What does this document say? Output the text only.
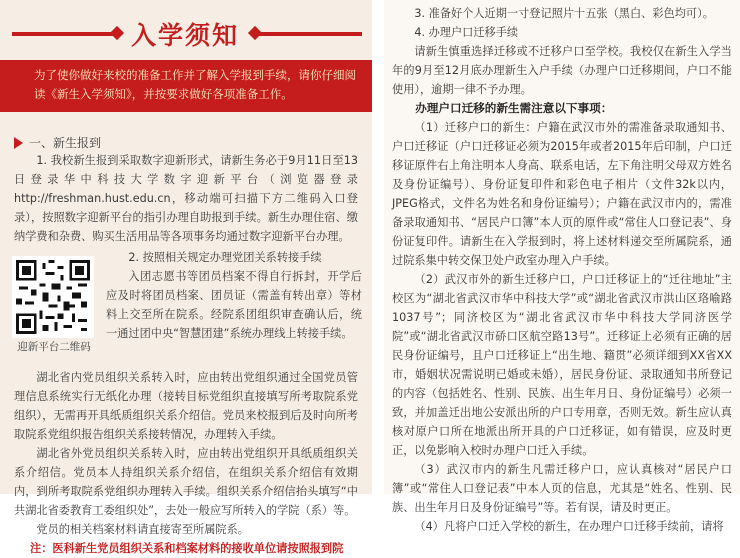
入学须知
为了使你做好来校的准备工作并了解入学报到手续，请你仔细阅读《新生入学须知》，并按要求做好各项准备工作。
一、新生报到

1. 我校新生报到采取数字迎新形式，请新生务必于9月11日至13日登录华中科技大学数字迎新平台（浏览器登录http://freshman.hust.edu.cn，移动端可扫描下方二维码入口登录），按照数字迎新平台的指引办理自助报到手续。新生办理住宿、缴纳学费和杂费、购买生活用品等各项事务均通过数字迎新平台办理。

迎新平台二维码

2. 按照相关规定办理党团关系转接手续

入团志愿书等团员档案不得自行拆封，开学后应及时将团员档案、团员证（需盖有转出章）等材料上交至所在院系。经院系团组织审查确认后，统一通过团中央“智慧团建”系统办理线上转接手续。

湖北省内党员组织关系转入时，应由转出党组织通过全国党员管理信息系统实行无纸化办理（接转目标党组织直接填写所考取院系党组织），无需再开具纸质组织关系介绍信。党员来校报到后及时向所考取院系党组织报告组织关系接转情况，办理转入手续。

湖北省外党员组织关系转入时，应由转出党组织开具纸质组织关系介绍信。党员本人持组织关系介绍信，在组织关系介绍信有效期内，到所考取院系党组织办理转入手续。组织关系介绍信抬头填写“中共湖北省委教育工委组织处”，去处一般应写所转入的学院（系）等。

党员的相关档案材料请直接寄至所属院系。

注：医科新生党员组织关系和档案材料的接收单位请按照报到院

3. 准备好个人近期一寸登记照片十五张（黑白、彩色均可）。

4. 办理户口迁移手续

请新生慎重选择迁移或不迁移户口至学校。我校仅在新生入学当年的9月至12月底办理新生入户手续（办理户口迁移期间，户口不能使用），逾期一律不予办理。

办理户口迁移的新生需注意以下事项：

（1）迁移户口的新生：户籍在武汉市外的需准备录取通知书、户口迁移证（户口迁移证必须为2015年或者2015年后印制，户口迁移证原件右上角注明本人身高、联系电话，左下角注明父母双方姓名及身份证编号）、身份证复印件和彩色电子相片（文件32k以内，JPEG格式，文件名为姓名和身份证编号）；户籍在武汉市内的，需准备录取通知书、“居民户口簿”本人页的原件或“常住人口登记表”、身份证复印件。请新生在入学报到时，将上述材料递交至所属院系，通过院系集中转交保卫处户政室办理入户手续。

（2）武汉市外的新生迁移户口，户口迁移证上的“迁往地址”主校区为“湖北省武汉市华中科技大学”或“湖北省武汉市洪山区珞喻路1037号”；同济校区为“湖北省武汉市华中科技大学同济医学院”或“湖北省武汉市硚口区航空路13号”。迁移证上必须有正确的居民身份证编号，且户口迁移证上“出生地、籍贯”必须详细到XX省XX市，婚姻状况需说明已婚或未婚），居民身份证、录取通知书所登记的内容（包括姓名、性别、民族、出生年月日、身份证编号）必须一致，并加盖迁出地公安派出所的户口专用章，否则无效。新生应认真核对原户口所在地派出所开具的户口迁移证，如有错误，应及时更正，以免影响入校时办理户口迁入手续。

（3）武汉市内的新生凡需迁移户口，应认真核对“居民户口簿”或“常住人口登记表”中本人页的信息，尤其是“姓名、性别、民族、出生年月日及身份证编号”等。若有误，请及时更正。

（4）凡将户口迁入学校的新生，在办理户口迁移手续前，请将
